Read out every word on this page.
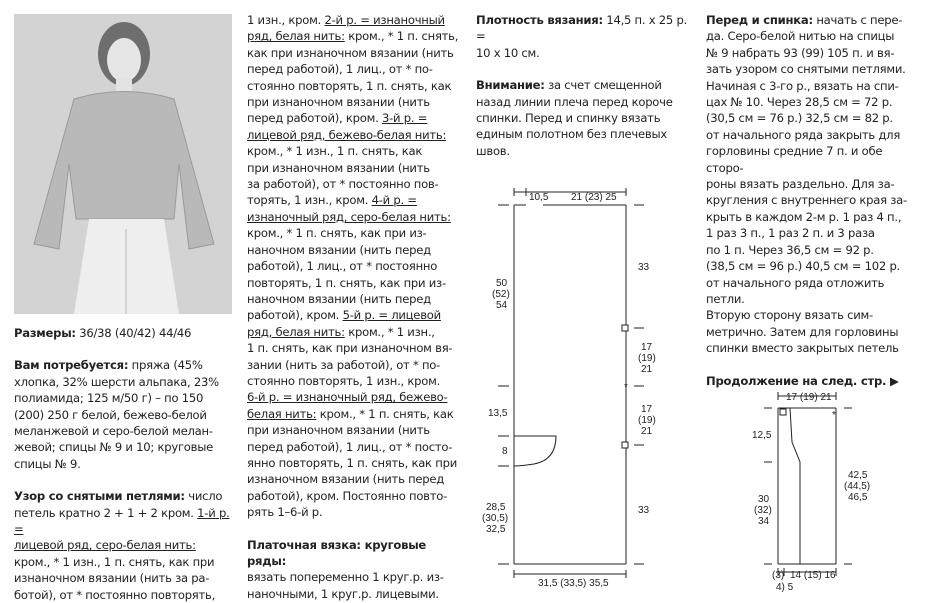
Размеры: 36/38 (40/42) 44/46

Вам потребуется: пряжа (45%

хлопка, 32% шерсти альпака, 23%

полиамида; 125 м/50 г) – по 150

(200) 250 г белой, бежево-белой

меланжевой и серо-белой мелан-

жевой; спицы № 9 и 10; круговые

спицы № 9.

Узор со снятыми петлями: число

петель кратно 2 + 1 + 2 кром. 1-й р. =

лицевой ряд, серо-белая нить:

кром., * 1 изн., 1 п. снять, как при

изнаночном вязании (нить за ра-

ботой), от * постоянно повторять,

1 изн., кром. 2-й р. = изнаночный

ряд, белая нить: кром., * 1 п. снять,

как при изнаночном вязании (нить

перед работой), 1 лиц., от * по-

стоянно повторять, 1 п. снять, как

при изнаночном вязании (нить

перед работой), кром. 3-й р. =

лицевой ряд, бежево-белая нить:

кром., * 1 изн., 1 п. снять, как

при изнаночном вязании (нить

за работой), от * постоянно пов-

торять, 1 изн., кром. 4-й р. =

изнаночный ряд, серо-белая нить:

кром., * 1 п. снять, как при из-

наночном вязании (нить перед

работой), 1 лиц., от * постоянно

повторять, 1 п. снять, как при из-

наночном вязании (нить перед

работой), кром. 5-й р. = лицевой

ряд, белая нить: кром., * 1 изн.,

1 п. снять, как при изнаночном вя-

зании (нить за работой), от * по-

стоянно повторять, 1 изн., кром.

6-й р. = изнаночный ряд, бежево-

белая нить: кром., * 1 п. снять, как

при изнаночном вязании (нить

перед работой), 1 лиц., от * посто-

янно повторять, 1 п. снять, как при

изнаночном вязании (нить перед

работой), кром. Постоянно повто-

рять 1–6-й р.

Платочная вязка: круговые ряды:

вязать попеременно 1 круг.р. из-

наночными, 1 круг.р. лицевыми.

Плотность вязания: 14,5 п. x 25 р. =

10 x 10 см.

Внимание: за счет смещенной

назад линии плеча перед короче

спинки. Перед и спинку вязать

единым полотном без плечевых

швов.

*
10,5 21 (23) 25
50
(52)
54
13,5
8
28,5
(30,5)
32,5
33
17
(19)
21
17
(19)
21
33
31,5 (33,5) 35,5

Перед и спинка: начать с пере-

да. Серо-белой нитью на спицы

№ 9 набрать 93 (99) 105 п. и вя-

зать узором со снятыми петлями.

Начиная с 3-го р., вязать на спи-

цах № 10. Через 28,5 см = 72 р.

(30,5 см = 76 р.) 32,5 см = 82 р.

от начального ряда закрыть для

горловины средние 7 п. и обе сторо-

роны вязать раздельно. Для за-

кругления с внутреннего края за-

крыть в каждом 2-м р. 1 раз 4 п.,

1 раз 3 п., 1 раз 2 п. и 3 раза

по 1 п. Через 36,5 см = 92 р.

(38,5 см = 96 р.) 40,5 см = 102 р.

от начального ряда отложить петли.

Вторую сторону вязать сим-

метрично. Затем для горловины

спинки вместо закрытых петель

Продолжение на след. стр. ▶

*
17 (19) 21
12,5
30
(32)
34
42,5
(44,5)
46,5
(3)
4) 5
14 (15) 16
